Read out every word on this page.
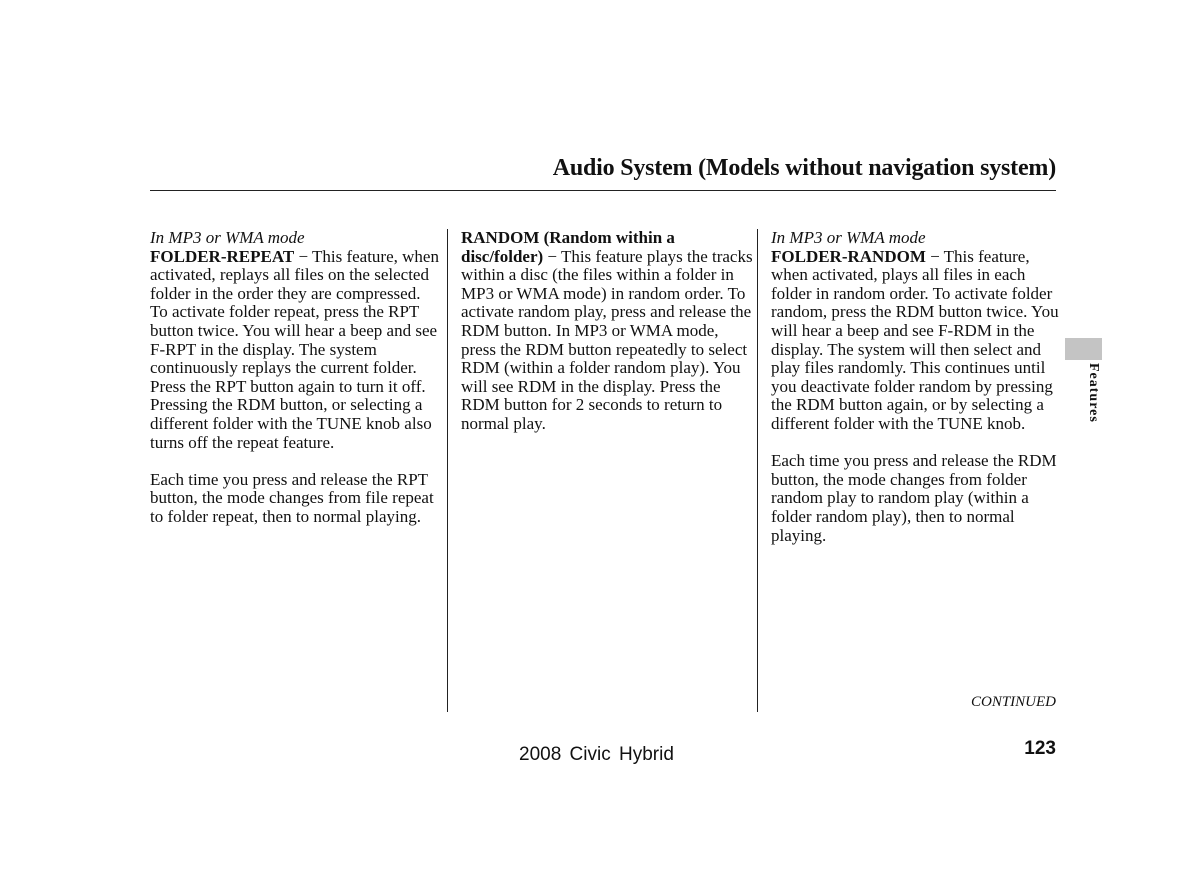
Audio System (Models without navigation system)

In MP3 or WMA mode
FOLDER-REPEAT − This feature, when activated, replays all files on the selected folder in the order they are compressed. To activate folder repeat, press the RPT button twice. You will hear a beep and see F-RPT in the display. The system continuously replays the current folder. Press the RPT button again to turn it off. Pressing the RDM button, or selecting a different folder with the TUNE knob also turns off the repeat feature.

Each time you press and release the RPT button, the mode changes from file repeat to folder repeat, then to normal playing.

RANDOM (Random within a disc/folder) − This feature plays the tracks within a disc (the files within a folder in MP3 or WMA mode) in random order. To activate random play, press and release the RDM button. In MP3 or WMA mode, press the RDM button repeatedly to select RDM (within a folder random play). You will see RDM in the display. Press the RDM button for 2 seconds to return to normal play.

In MP3 or WMA mode
FOLDER-RANDOM − This feature, when activated, plays all files in each folder in random order. To activate folder random, press the RDM button twice. You will hear a beep and see F-RDM in the display. The system will then select and play files randomly. This continues until you deactivate folder random by pressing the RDM button again, or by selecting a different folder with the TUNE knob.

Each time you press and release the RDM button, the mode changes from folder random play to random play (within a folder random play), then to normal playing.

CONTINUED
Features
2008 Civic Hybrid	123
